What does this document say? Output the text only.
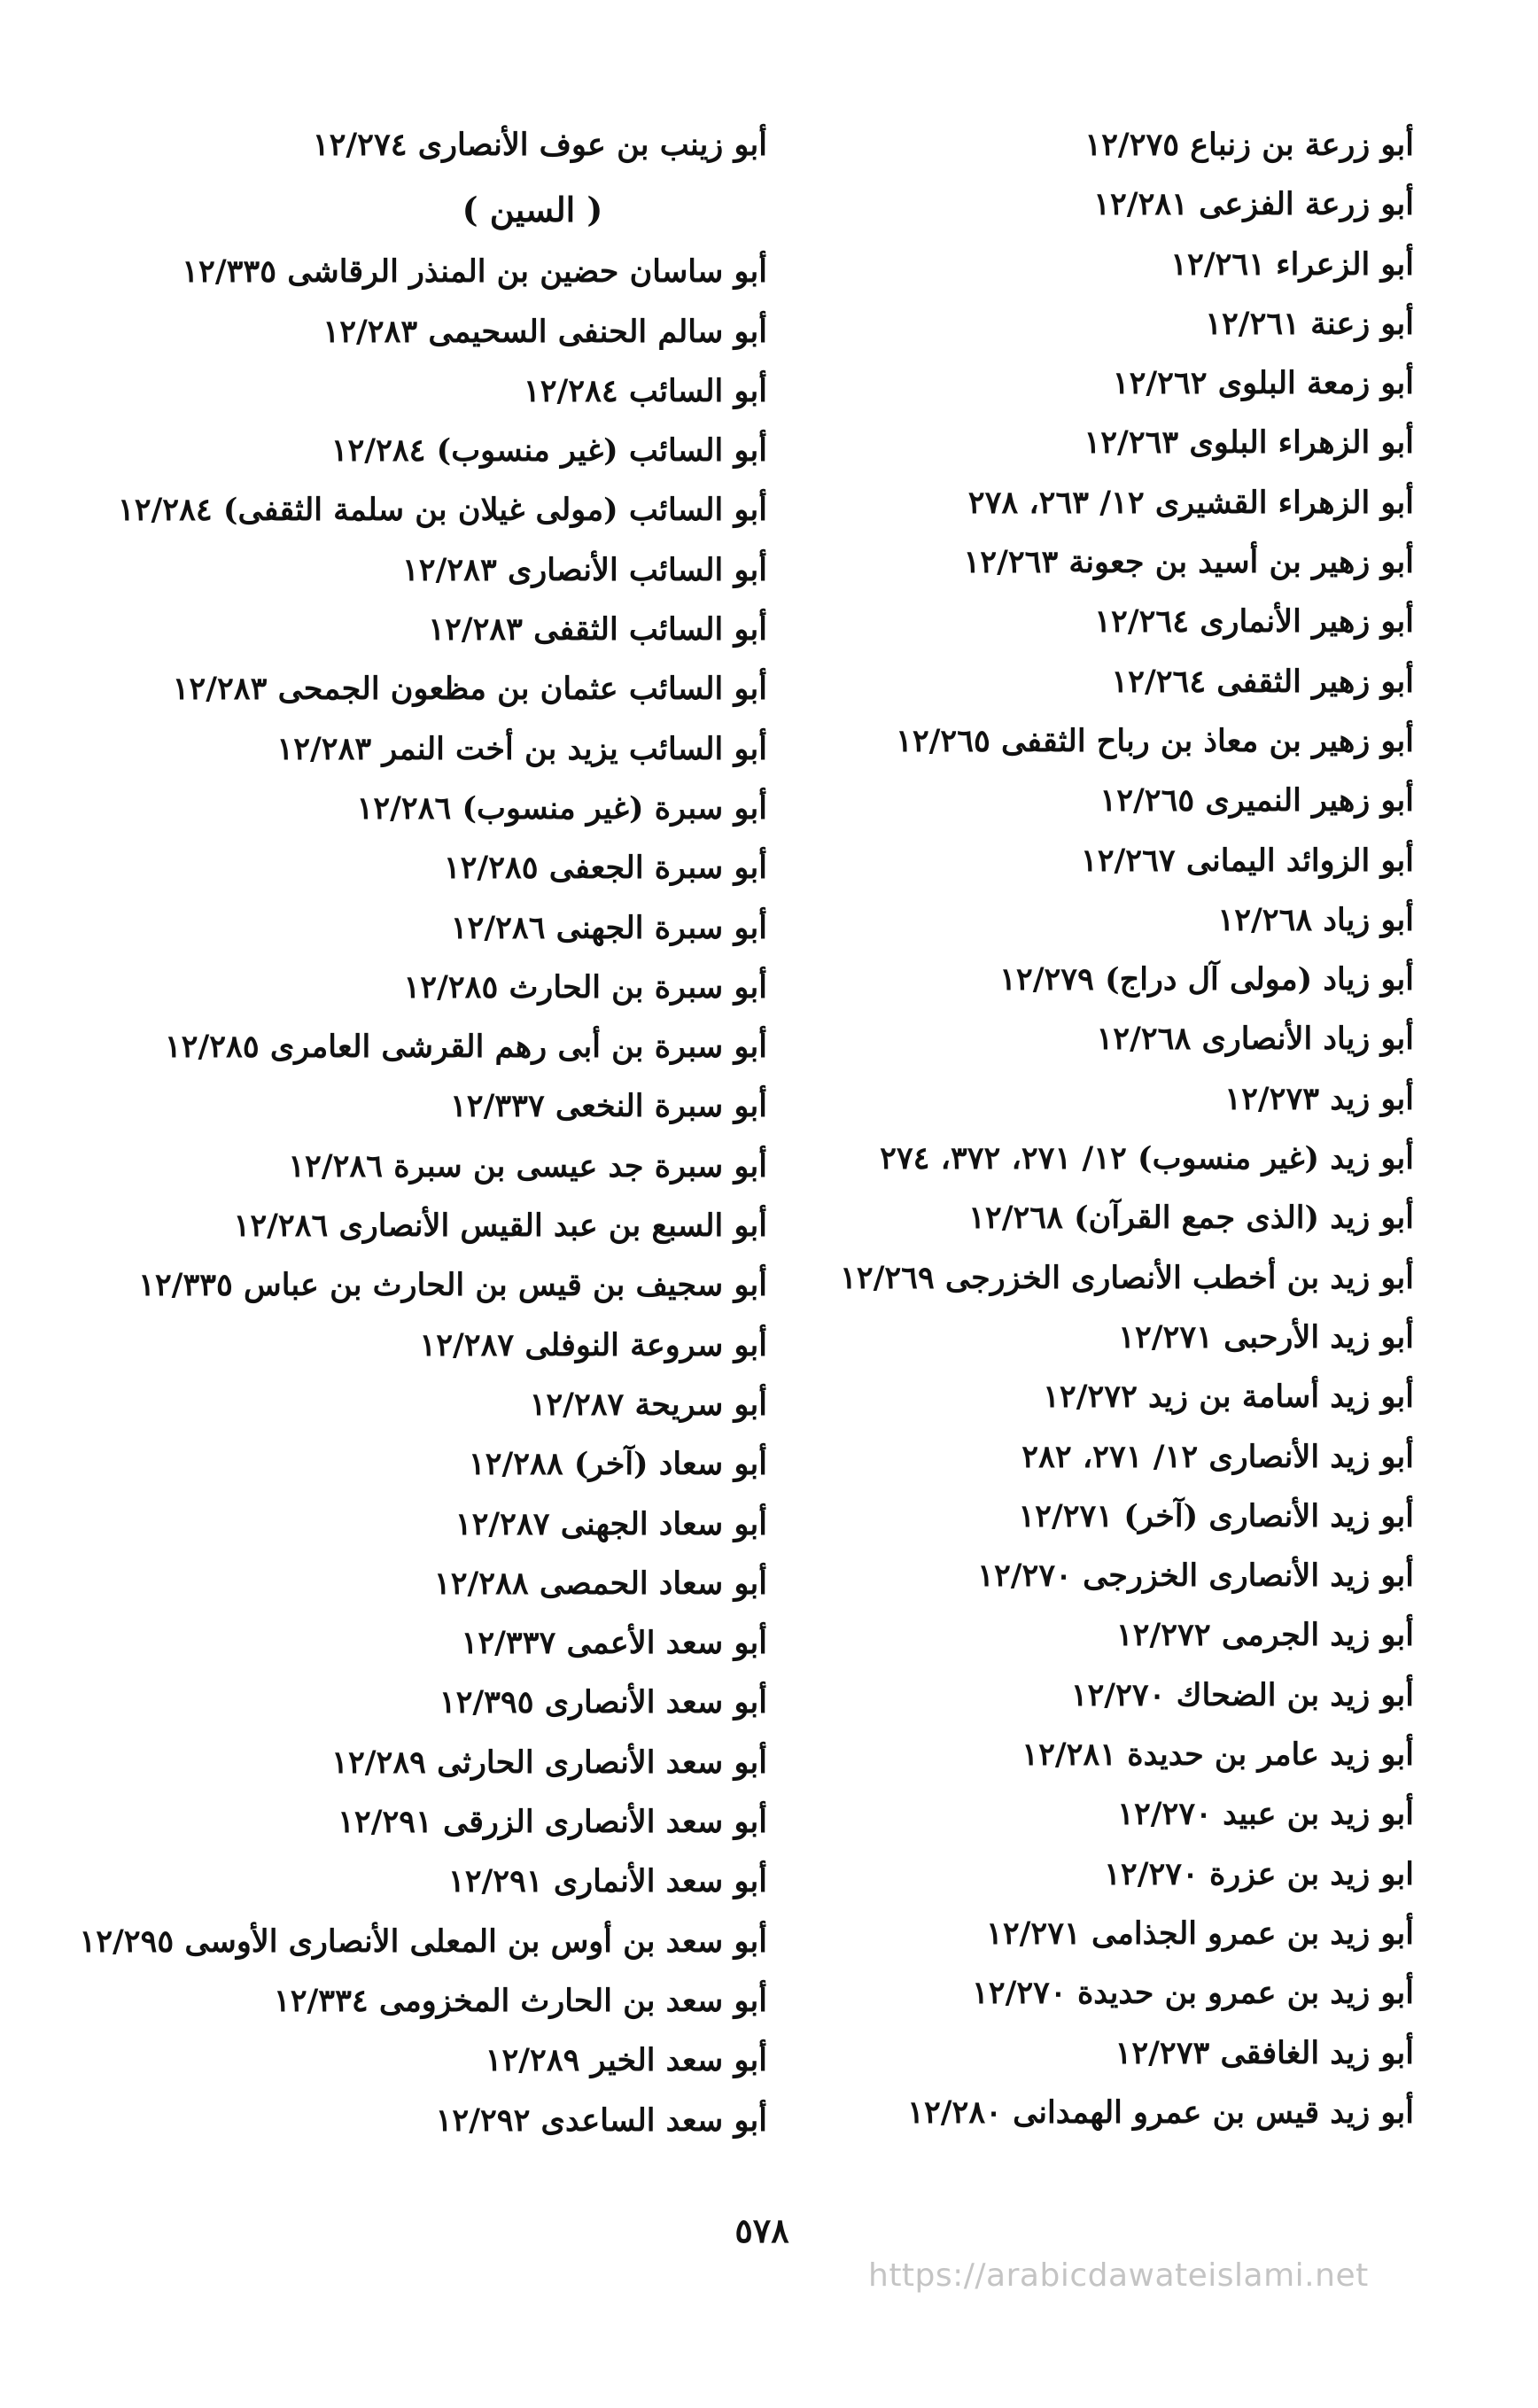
أبو زرعة بن زنباع ١٢/٢٧٥
أبو زرعة الفزعى ١٢/٢٨١
أبو الزعراء ١٢/٢٦١
أبو زعنة ١٢/٢٦١
أبو زمعة البلوى ١٢/٢٦٢
أبو الزهراء البلوى ١٢/٢٦٣
أبو الزهراء القشيرى ١٢/ ٢٦٣، ٢٧٨
أبو زهير بن أسيد بن جعونة ١٢/٢٦٣
أبو زهير الأنمارى ١٢/٢٦٤
أبو زهير الثقفى ١٢/٢٦٤
أبو زهير بن معاذ بن رباح الثقفى ١٢/٢٦٥
أبو زهير النميرى ١٢/٢٦٥
أبو الزوائد اليمانى ١٢/٢٦٧
أبو زياد ١٢/٢٦٨
أبو زياد (مولى آل دراج) ١٢/٢٧٩
أبو زياد الأنصارى ١٢/٢٦٨
أبو زيد ١٢/٢٧٣
أبو زيد (غير منسوب) ١٢/ ٢٧١، ٣٧٢، ٢٧٤
أبو زيد (الذى جمع القرآن) ١٢/٢٦٨
أبو زيد بن أخطب الأنصارى الخزرجى ١٢/٢٦٩
أبو زيد الأرحبى ١٢/٢٧١
أبو زيد أسامة بن زيد ١٢/٢٧٢
أبو زيد الأنصارى ١٢/ ٢٧١، ٢٨٢
أبو زيد الأنصارى (آخر) ١٢/٢٧١
أبو زيد الأنصارى الخزرجى ١٢/٢٧٠
أبو زيد الجرمى ١٢/٢٧٢
أبو زيد بن الضحاك ١٢/٢٧٠
أبو زيد عامر بن حديدة ١٢/٢٨١
أبو زيد بن عبيد ١٢/٢٧٠
ابو زيد بن عزرة ١٢/٢٧٠
أبو زيد بن عمرو الجذامى ١٢/٢٧١
أبو زيد بن عمرو بن حديدة ١٢/٢٧٠
أبو زيد الغافقى ١٢/٢٧٣
أبو زيد قيس بن عمرو الهمدانى ١٢/٢٨٠
أبو زينب بن عوف الأنصارى ١٢/٢٧٤
( السين )
أبو ساسان حضين بن المنذر الرقاشى ١٢/٣٣٥
أبو سالم الحنفى السحيمى ١٢/٢٨٣
أبو السائب ١٢/٢٨٤
أبو السائب (غير منسوب) ١٢/٢٨٤
أبو السائب (مولى غيلان بن سلمة الثقفى) ١٢/٢٨٤
أبو السائب الأنصارى ١٢/٢٨٣
أبو السائب الثقفى ١٢/٢٨٣
أبو السائب عثمان بن مظعون الجمحى ١٢/٢٨٣
أبو السائب يزيد بن أخت النمر ١٢/٢٨٣
أبو سبرة (غير منسوب) ١٢/٢٨٦
أبو سبرة الجعفى ١٢/٢٨٥
أبو سبرة الجهنى ١٢/٢٨٦
أبو سبرة بن الحارث ١٢/٢٨٥
أبو سبرة بن أبى رهم القرشى العامرى ١٢/٢٨٥
أبو سبرة النخعى ١٢/٣٣٧
أبو سبرة جد عيسى بن سبرة ١٢/٢٨٦
أبو السبع بن عبد القيس الأنصارى ١٢/٢٨٦
أبو سجيف بن قيس بن الحارث بن عباس ١٢/٣٣٥
أبو سروعة النوفلى ١٢/٢٨٧
أبو سريحة ١٢/٢٨٧
أبو سعاد (آخر) ١٢/٢٨٨
أبو سعاد الجهنى ١٢/٢٨٧
أبو سعاد الحمصى ١٢/٢٨٨
أبو سعد الأعمى ١٢/٣٣٧
أبو سعد الأنصارى ١٢/٣٩٥
أبو سعد الأنصارى الحارثى ١٢/٢٨٩
أبو سعد الأنصارى الزرقى ١٢/٢٩١
أبو سعد الأنمارى ١٢/٢٩١
أبو سعد بن أوس بن المعلى الأنصارى الأوسى ١٢/٢٩٥
أبو سعد بن الحارث المخزومى ١٢/٣٣٤
أبو سعد الخير ١٢/٢٨٩
أبو سعد الساعدى ١٢/٢٩٢
٥٧٨
https://arabicdawateislami.net
